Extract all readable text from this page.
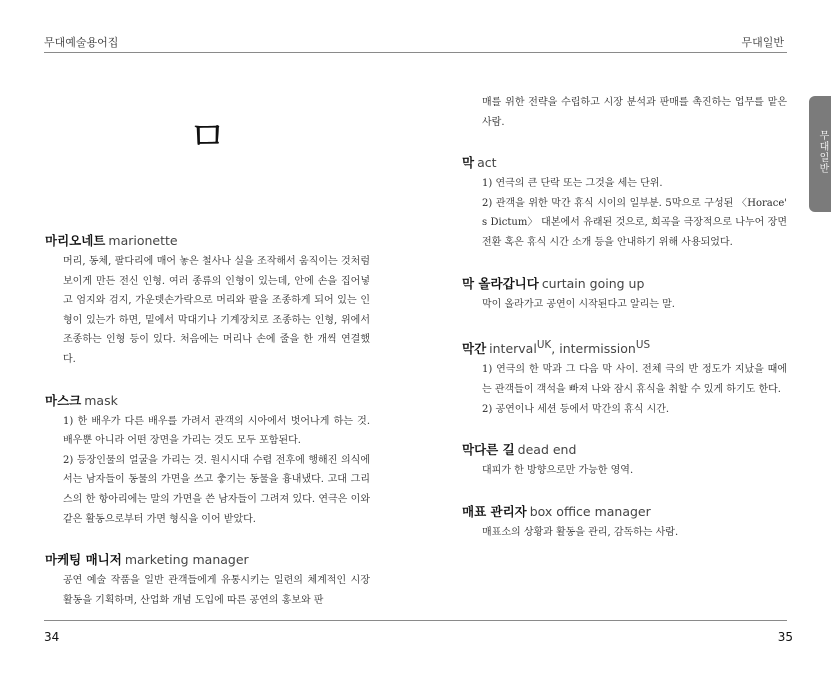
무대예술용어집	무대일반
무대일반
ㅁ
마리오네트 marionette

머리, 동체, 팔다리에 매어 놓은 철사나 실을 조작해서 움직이는 것처럼 보이게 만든 전신 인형. 여러 종류의 인형이 있는데, 안에 손을 집어넣고 엄지와 검지, 가운뎃손가락으로 머리와 팔을 조종하게 되어 있는 인형이 있는가 하면, 밑에서 막대기나 기계장치로 조종하는 인형, 위에서 조종하는 인형 등이 있다. 처음에는 머리나 손에 줄을 한 개씩 연결했다.

마스크 mask

1) 한 배우가 다른 배우를 가려서 관객의 시아에서 벗어나게 하는 것. 배우뿐 아니라 어떤 장면을 가리는 것도 모두 포함된다.

2) 등장인물의 얼굴을 가리는 것. 원시시대 수렵 전후에 행해진 의식에서는 남자들이 동물의 가면을 쓰고 춯기는 동물을 흉내냈다. 고대 그리스의 한 항아리에는 말의 가면을 쓴 남자들이 그려져 있다. 연극은 이와 같은 활동으로부터 가면 형식을 이어 받았다.

마케팅 매니저 marketing manager

공연 예술 작품을 일반 관객들에게 유통시키는 일련의 체계적인 시장 활동을 기획하며, 산업화 개념 도입에 따른 공연의 홍보와 판

매를 위한 전략을 수립하고 시장 분석과 판매를 촉진하는 업무를 맡은 사람.

막 act

1) 연극의 큰 단락 또는 그것을 세는 단위.

2) 관객을 위한 막간 휴식 시이의 일부분. 5막으로 구성된 〈Horace' s Dictum〉 대본에서 유래된 것으로, 희곡을 극장적으로 나누어 장면 전환 혹은 휴식 시간 소개 등을 안내하기 위해 사용되었다.

막 올라갑니다 curtain going up

막이 올라가고 공연이 시작된다고 알리는 말.

막간 interval$^{UK}$, intermission$^{US}$

1) 연극의 한 막과 그 다음 막 사이. 전체 극의 반 정도가 지났을 때에는 관객들이 객석을 빠져 나와 잠시 휴식을 취할 수 있게 하기도 한다.

2) 공연이나 세션 등에서 막간의 휴식 시간.

막다른 길 dead end

대피가 한 방향으로만 가능한 영역.

매표 관리자 box office manager

매표소의 상황과 활동을 관리, 감독하는 사람.

34	35
